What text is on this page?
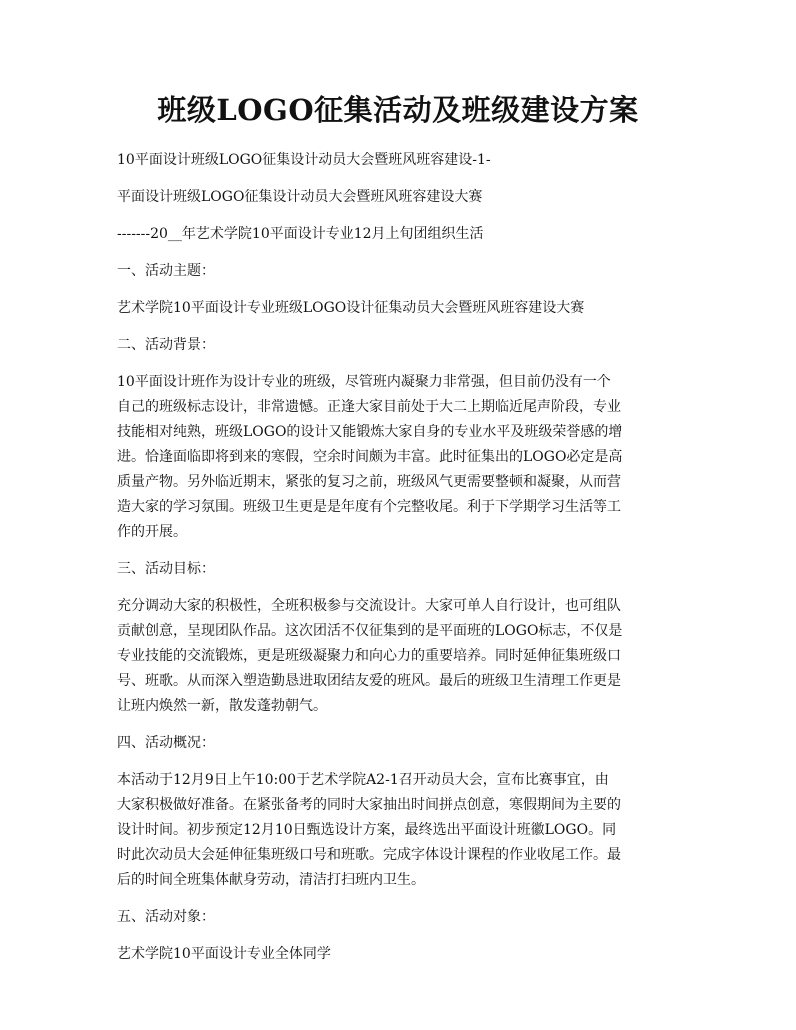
班级LOGO征集活动及班级建设方案
10平面设计班级LOGO征集设计动员大会暨班风班容建设-1-
平面设计班级LOGO征集设计动员大会暨班风班容建设大赛
-------20__年艺术学院10平面设计专业12月上旬团组织生活
一、活动主题：
艺术学院10平面设计专业班级LOGO设计征集动员大会暨班风班容建设大赛
二、活动背景：
10平面设计班作为设计专业的班级，尽管班内凝聚力非常强，但目前仍没有一个
自己的班级标志设计，非常遗憾。正逢大家目前处于大二上期临近尾声阶段，专业
技能相对纯熟，班级LOGO的设计又能锻炼大家自身的专业水平及班级荣誉感的增
进。恰逢面临即将到来的寒假，空余时间颇为丰富。此时征集出的LOGO必定是高
质量产物。另外临近期末，紧张的复习之前，班级风气更需要整顿和凝聚，从而营
造大家的学习氛围。班级卫生更是是年度有个完整收尾。利于下学期学习生活等工
作的开展。
三、活动目标：
充分调动大家的积极性，全班积极参与交流设计。大家可单人自行设计，也可组队
贡献创意，呈现团队作品。这次团活不仅征集到的是平面班的LOGO标志，不仅是
专业技能的交流锻炼，更是班级凝聚力和向心力的重要培养。同时延伸征集班级口
号、班歌。从而深入塑造勤恳进取团结友爱的班风。最后的班级卫生清理工作更是
让班内焕然一新，散发蓬勃朝气。
四、活动概况：
本活动于12月9日上午10:00于艺术学院A2-1召开动员大会，宣布比赛事宜，由
大家积极做好准备。在紧张备考的同时大家抽出时间拼点创意，寒假期间为主要的
设计时间。初步预定12月10日甄选设计方案，最终选出平面设计班徽LOGO。同
时此次动员大会延伸征集班级口号和班歌。完成字体设计课程的作业收尾工作。最
后的时间全班集体献身劳动，清洁打扫班内卫生。
五、活动对象：
艺术学院10平面设计专业全体同学
